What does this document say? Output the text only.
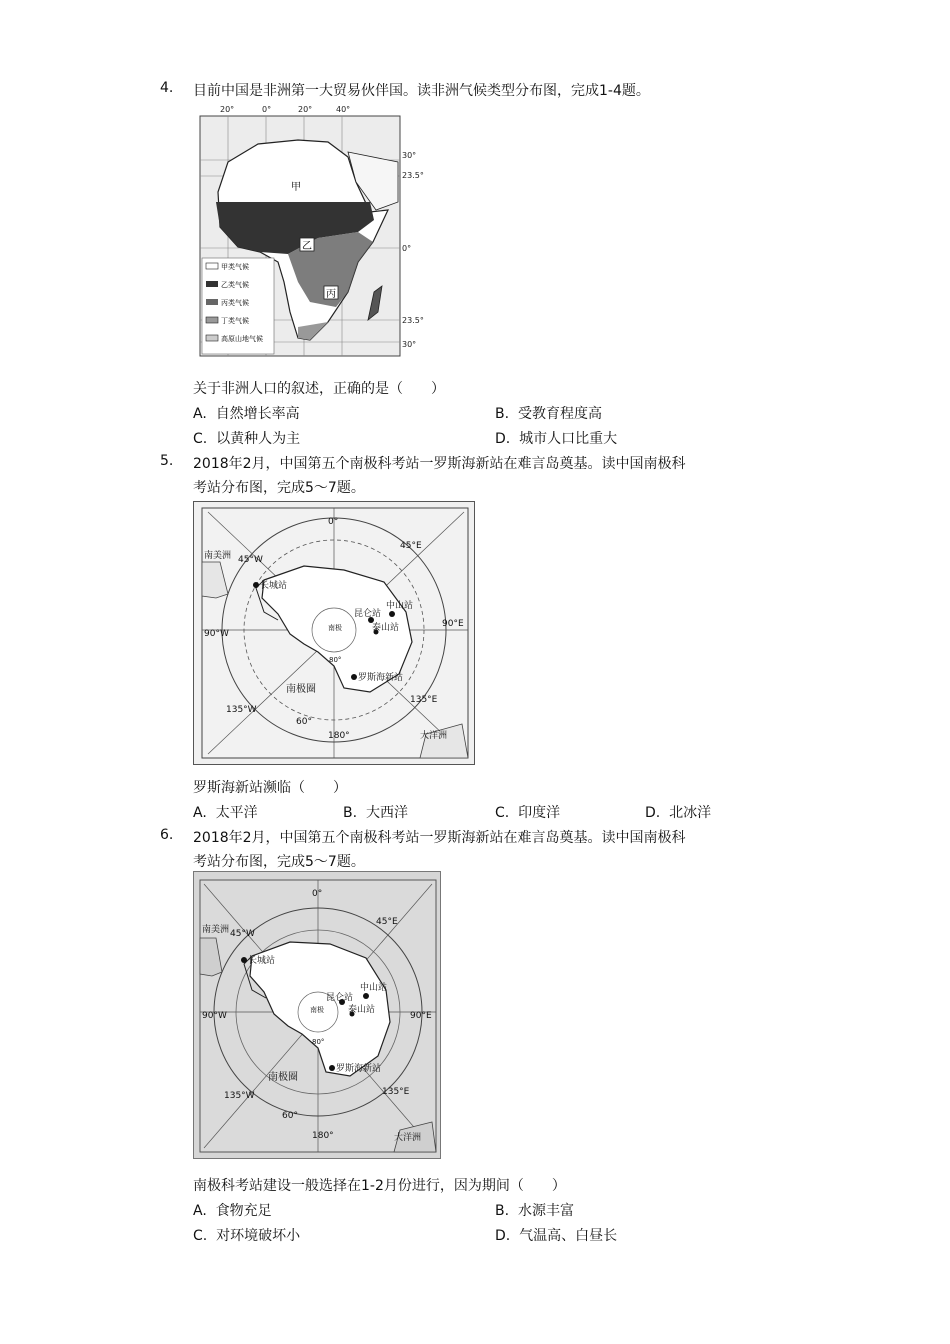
4. 目前中国是非洲第一大贸易伙伴国。读非洲气候类型分布图，完成1-4题。
甲
乙
丙
甲类气候
乙类气候
丙类气候
丁类气候
高原山地气候
20°	0°	20°	40°
30°
23.5°
0°
23.5°
30°
关于非洲人口的叙述，正确的是（　　）
A. 自然增长率高	B. 受教育程度高
C. 以黄种人为主	D. 城市人口比重大
5. 2018年2月，中国第五个南极科考站一罗斯海新站在难言岛奠基。读中国南极科
考站分布图，完成5～7题。
长城站
昆仑站
中山站
泰山站
罗斯海新站
南极
80°
0°
45°E
45°W
90°W
90°E
135°W
135°E
180°
60°
南美洲
大洋洲
南极圈
罗斯海新站濒临（　　）
A. 太平洋	B. 大西洋	C. 印度洋	D. 北冰洋
6. 2018年2月，中国第五个南极科考站一罗斯海新站在难言岛奠基。读中国南极科
考站分布图，完成5～7题。
长城站
昆仑站
中山站
泰山站
罗斯海新站
南极
80°
0°
45°E
45°W
90°W	90°E
135°W	135°E
180°
60°
南美洲
大洋洲
南极圈
南极科考站建设一般选择在1-2月份进行，因为期间（　　）
A. 食物充足	B. 水源丰富
C. 对环境破坏小	D. 气温高、白昼长
